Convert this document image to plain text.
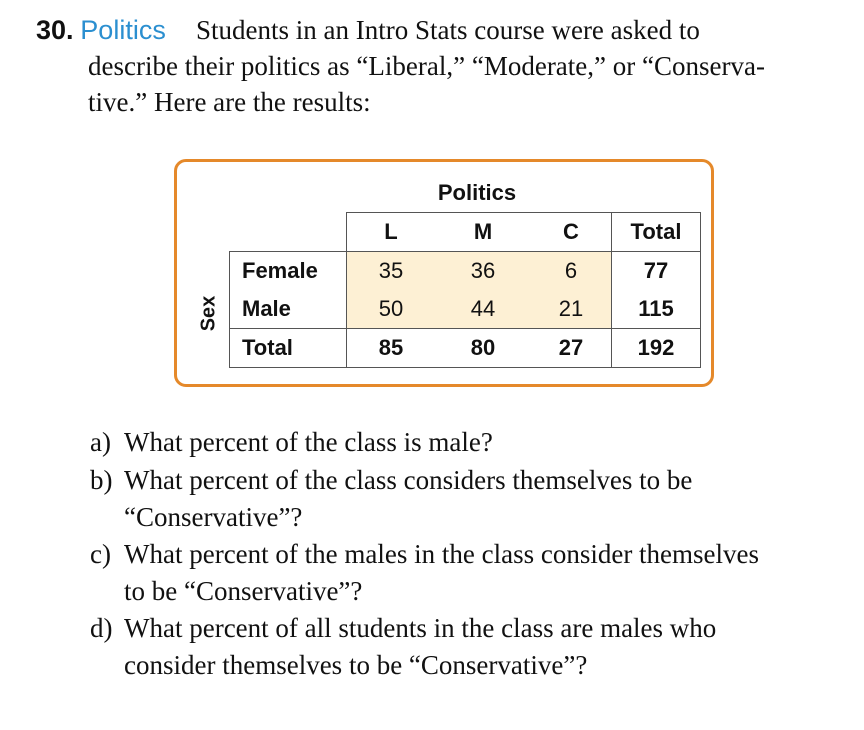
30. Politics	Students in an Intro Stats course were asked to
describe their politics as “Liberal,” “Moderate,” or “Conserva-
tive.” Here are the results:
Politics
Sex
	L	M	C	Total
Female	35	36	6	77
Male	50	44	21	115
Total	85	80	27	192
a) What percent of the class is male?
b) What percent of the class considers themselves to be
“Conservative”?
c) What percent of the males in the class consider themselves
to be “Conservative”?
d) What percent of all students in the class are males who
consider themselves to be “Conservative”?
